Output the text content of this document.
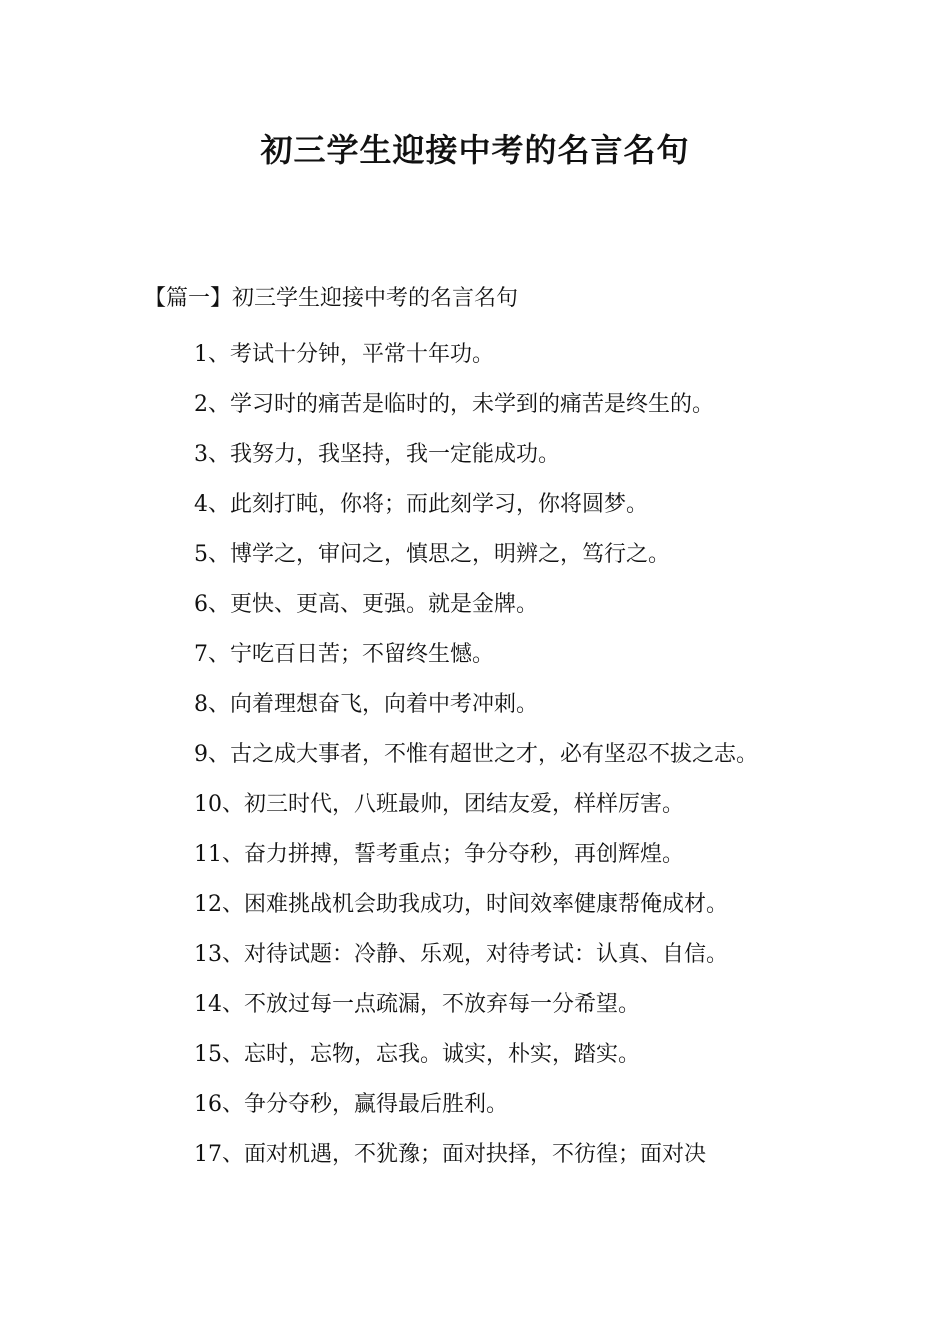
初三学生迎接中考的名言名句

【篇一】初三学生迎接中考的名言名句

1、考试十分钟，平常十年功。
2、学习时的痛苦是临时的，未学到的痛苦是终生的。
3、我努力，我坚持，我一定能成功。
4、此刻打盹，你将；而此刻学习，你将圆梦。
5、博学之，审问之，慎思之，明辨之，笃行之。
6、更快、更高、更强。就是金牌。
7、宁吃百日苦；不留终生憾。
8、向着理想奋飞，向着中考冲刺。
9、古之成大事者，不惟有超世之才，必有坚忍不拔之志。
10、初三时代，八班最帅，团结友爱，样样厉害。
11、奋力拼搏，誓考重点；争分夺秒，再创辉煌。
12、困难挑战机会助我成功，时间效率健康帮俺成材。
13、对待试题：冷静、乐观，对待考试：认真、自信。
14、不放过每一点疏漏，不放弃每一分希望。
15、忘时，忘物，忘我。诚实，朴实，踏实。
16、争分夺秒，赢得最后胜利。
17、面对机遇，不犹豫；面对抉择，不彷徨；面对决
